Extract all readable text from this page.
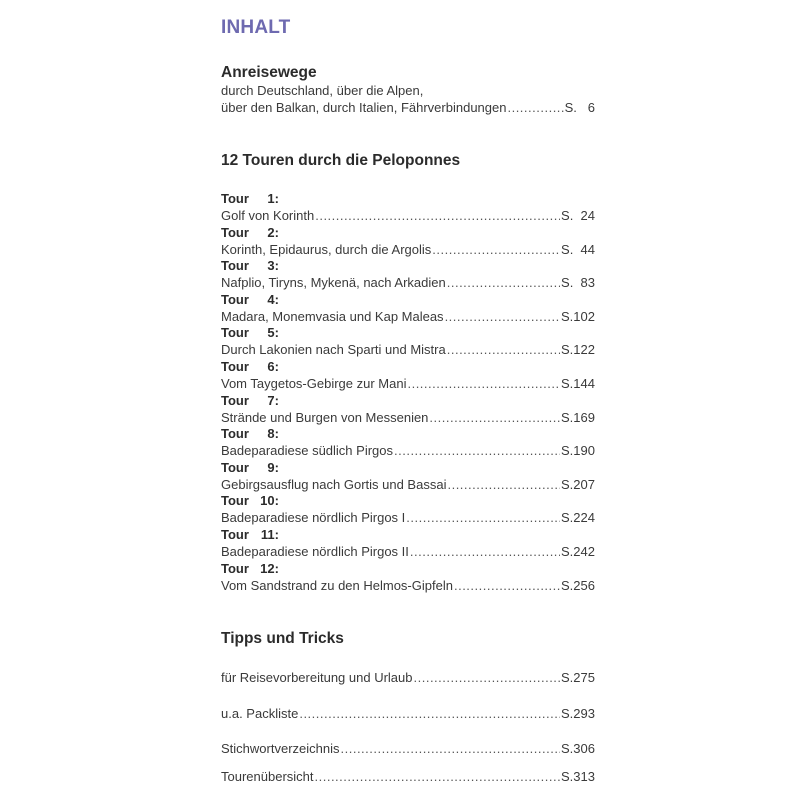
INHALT
Anreisewege
durch Deutschland, über die Alpen,
über den Balkan, durch Italien, Fährverbindungen .....	S.   6
12 Touren durch die Peloponnes
Tour 1:
Golf von Korinth .....	S.  24
Tour 2:
Korinth, Epidaurus, durch die Argolis .....	S.  44
Tour 3:
Nafplio, Tiryns, Mykenä, nach Arkadien .....	S.  83
Tour 4:
Madara, Monemvasia und Kap Maleas .....	S.102
Tour 5:
Durch Lakonien nach Sparti und Mistra .....	S.122
Tour 6:
Vom Taygetos-Gebirge zur Mani .....	S.144
Tour 7:
Strände und Burgen von Messenien .....	S.169
Tour 8:
Badeparadiese südlich Pirgos .....	S.190
Tour 9:
Gebirgsausflug nach Gortis und Bassai .....	S.207
Tour 10:
Badeparadiese nördlich Pirgos I .....	S.224
Tour 11:
Badeparadiese nördlich Pirgos II .....	S.242
Tour 12:
Vom Sandstrand zu den Helmos-Gipfeln .....	S.256
Tipps und Tricks
für Reisevorbereitung und Urlaub .....	S.275
u.a. Packliste .....	S.293
Stichwortverzeichnis .....	S.306
Tourenübersicht .....	S.313
